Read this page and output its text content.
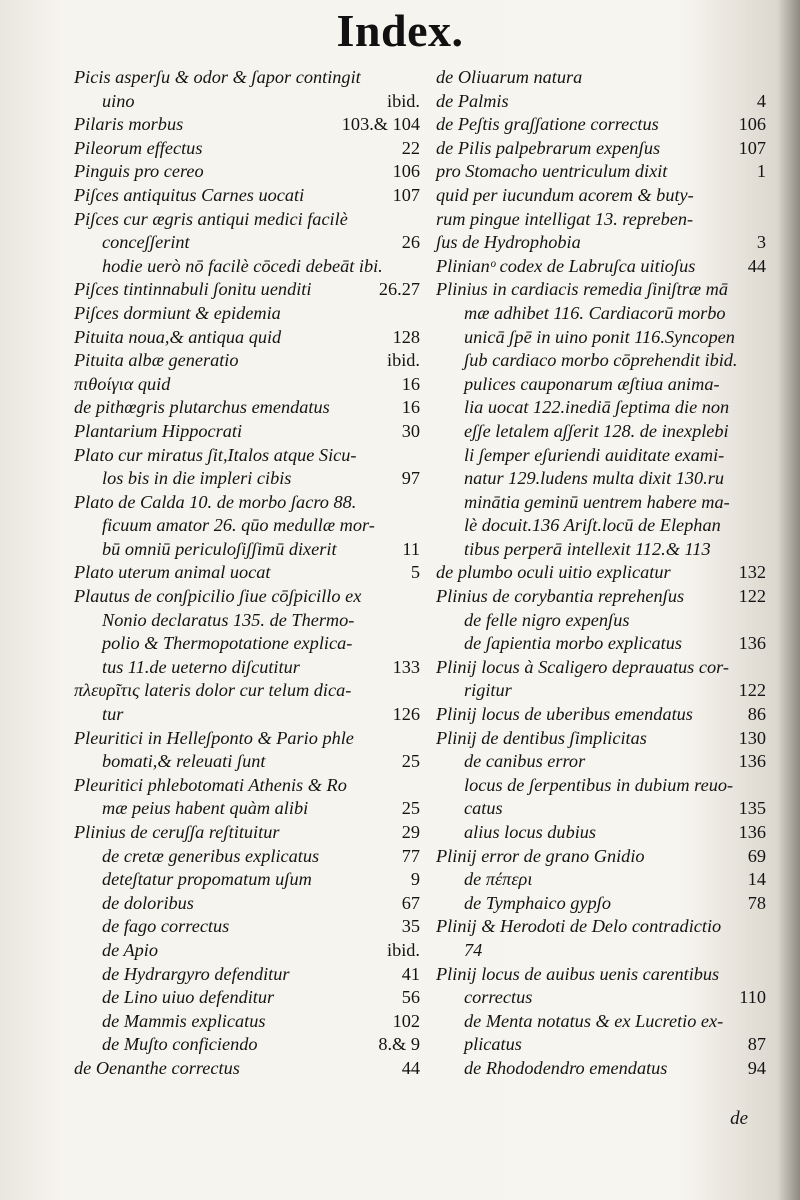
Index.
Picis asperʃu & odor & ʃapor contingit
uino	ibid.
Pilaris morbus	103.& 104
Pileorum effectus	22
Pinguis pro cereo	106
Piʃces antiquitus Carnes uocati	107
Piʃces cur ægris antiqui medici facilè
conceʃʃerint	26
hodie uerò nō facilè cōcedi debeāt ibi.
Piʃces tintinnabuli ʃonitu uenditi	26.27
Piʃces dormiunt & epidemia
Pituita noua,& antiqua quid	128
Pituita albæ generatio	ibid.
πιθοίγια quid	16
de pithœgris plutarchus emendatus	16
Plantarium Hippocrati	30
Plato cur miratus ʃit,Italos atque Sicu-
los bis in die impleri cibis	97
Plato de Calda 10. de morbo ʃacro 88.
ficuum amator 26. qūo medullæ mor-
bū omniū periculoʃiʃʃimū dixerit	11
Plato uterum animal uocat	5
Plautus de conʃpicilio ʃiue cōʃpicillo ex
Nonio declaratus 135. de Thermo-
polio & Thermopotatione explica-
tus 11.de ueterno diʃcutitur	133
πλευρῖτις lateris dolor cur telum dica-
tur	126
Pleuritici in Helleʃponto & Pario phle
bomati,& releuati ʃunt	25
Pleuritici phlebotomati Athenis & Ro
mæ peius habent quàm alibi	25
Plinius de ceruʃʃa reʃtituitur	29
de cretæ generibus explicatus	77
deteʃtatur propomatum uʃum	9
de doloribus	67
de fago correctus	35
de Apio	ibid.
de Hydrargyro defenditur	41
de Lino uiuo defenditur	56
de Mammis explicatus	102
de Muʃto conficiendo	8.& 9
de Oenanthe correctus	44
de Oliuarum natura
de Palmis	4
de Peʃtis graʃʃatione correctus	106
de Pilis palpebrarum expenʃus	107
pro Stomacho uentriculum dixit	1
quid per iucundum acorem & buty-
rum pingue intelligat 13. repreben-
ʃus de Hydrophobia	3
Plinianᵒ codex de Labruʃca uitioʃus	44
Plinius in cardiacis remedia ʃiniʃtræ mā
mæ adhibet 116. Cardiacorū morbo
unicā ʃpē in uino ponit 116.Syncopen
ʃub cardiaco morbo cōprehendit ibid.
pulices cauponarum æʃtiua anima-
lia uocat 122.inediā ʃeptima die non
eʃʃe letalem aʃʃerit 128. de inexplebi
li ʃemper eʃuriendi auiditate exami-
natur 129.ludens multa dixit 130.ru
minātia geminū uentrem habere ma-
lè docuit.136 Ariʃt.locū de Elephan
tibus perperā intellexit 112.& 113
de plumbo oculi uitio explicatur	132
Plinius de corybantia reprehenʃus	122
de felle nigro expenʃus
de ʃapientia morbo explicatus	136
Pliniј locus à Scaligero deprauatus cor-
rigitur	122
Pliniј locus de uberibus emendatus	86
Pliniј de dentibus ʃimplicitas	130
de canibus error	136
locus de ʃerpentibus in dubium reuo-
catus	135
alius locus dubius	136
Pliniј error de grano Gnidio	69
de πέπερι	14
de Tymphaico gypʃo	78
Pliniј & Herodoti de Delo contradictio
74
Pliniј locus de auibus uenis carentibus
correctus	110
de Menta notatus & ex Lucretio ex-
plicatus	87
de Rhododendro emendatus	94
de
